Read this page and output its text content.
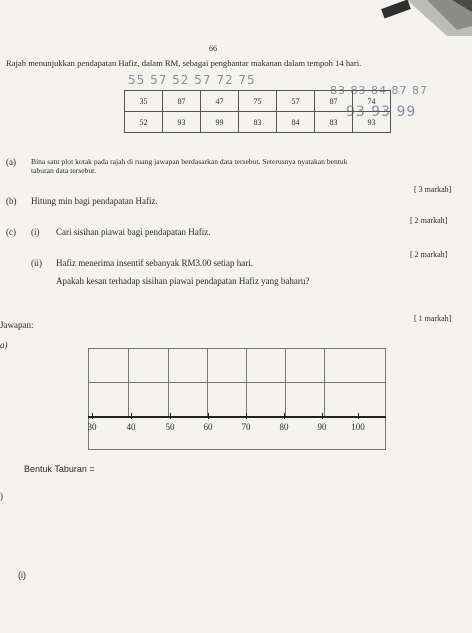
66
Rajah menunjukkan pendapatan Hafiz, dalam RM, sebagai penghantar makanan dalam tempoh 14 hari.
55 57 52 57 72 75
83 83 84 87 87
93 93 99
35	87	47	75	57	87	74
52	93	99	83	84	83	93
(a) Bina satu plot kotak pada rajah di ruang jawapan berdasarkan data tersebut. Seterusnya nyatakan bentuk
taburan data tersebut.
(b) Hitung min bagi pendapatan Hafiz.
[ 3 markah]
(c) (i) Cari sisihan piawai bagi pendapatan Hafiz.
[ 2 markah]
(ii) Hafiz menerima insentif sebanyak RM3.00 setiap hari.
[ 2 markah]
Apakah kesan terhadap sisihan piawai pendapatan Hafiz yang baharu?
[ 1 markah]
Jawapan:
a)
30	40	50	60	70	80	90	100
Bentuk Taburan =
)
(i)
